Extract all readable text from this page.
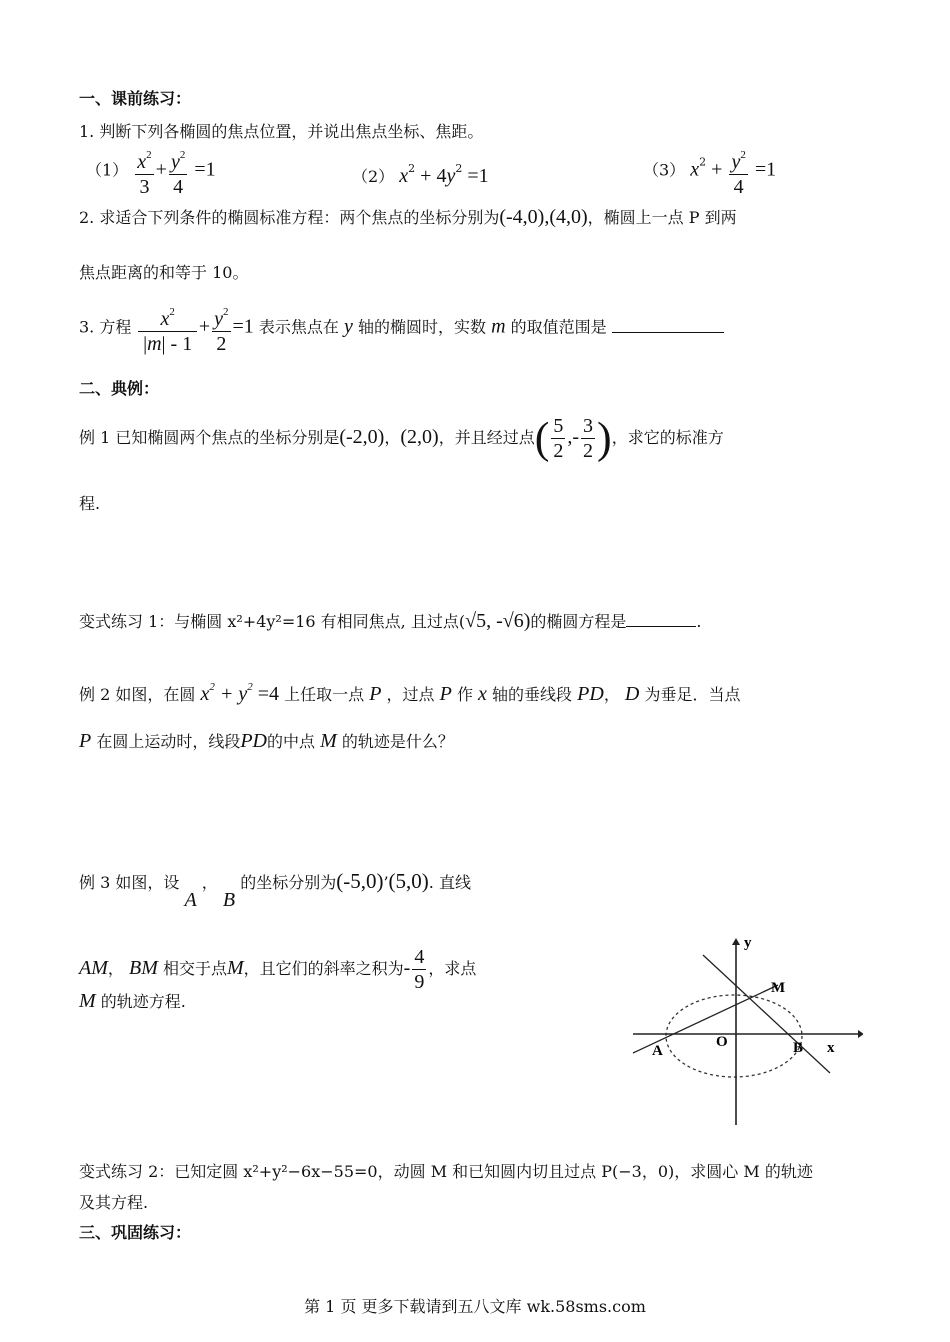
一、课前练习：
1. 判断下列各椭圆的焦点位置，并说出焦点坐标、焦距。
$(1) \frac{x^2}{3} + \frac{y^2}{4} =1$	（2） $x^2 + 4y^2 =1$	（3） $x^2 + \frac{y^2}{4} =1$
2. 求适合下列条件的椭圆标准方程：两个焦点的坐标分别为(-4,0),(4,0)，椭圆上一点 P 到两
焦点距离的和等于 10。
3. 方程 $\frac{x^2}{|m| - 1} + \frac{y^2}{2} =1$ 表示焦点在 y 轴的椭圆时，实数 m 的取值范围是
二、典例：
例 1 已知椭圆两个焦点的坐标分别是(-2,0)，(2,0)，并且经过点( $\frac{5}{2}$ ,- $\frac{3}{2}$ )，求它的标准方
程.
变式练习 1：与椭圆 x²+4y²=16 有相同焦点, 且过点(√5, -√6)的椭圆方程是	.
例 2 如图，在圆 $x^2 + y^2 =4$ 上任取一点 P ，过点 P 作 x 轴的垂线段 PD， D 为垂足．当点
P 在圆上运动时，线段PD的中点 M 的轨迹是什么？
例 3 如图，设 A ， B 的坐标分别为(-5,0)’(5,0). 直线
AM， BM 相交于点M，且它们的斜率之积为- $\frac{4}{9}$ ，求点
M 的轨迹方程.
y
x
M
O
A	B
变式练习 2：已知定圆 x²+y²−6x−55=0，动圆 M 和已知圆内切且过点 P(−3，0)，求圆心 M 的轨迹
及其方程.
三、巩固练习：
第 1 页 更多下载请到五八文库 wk.58sms.com
